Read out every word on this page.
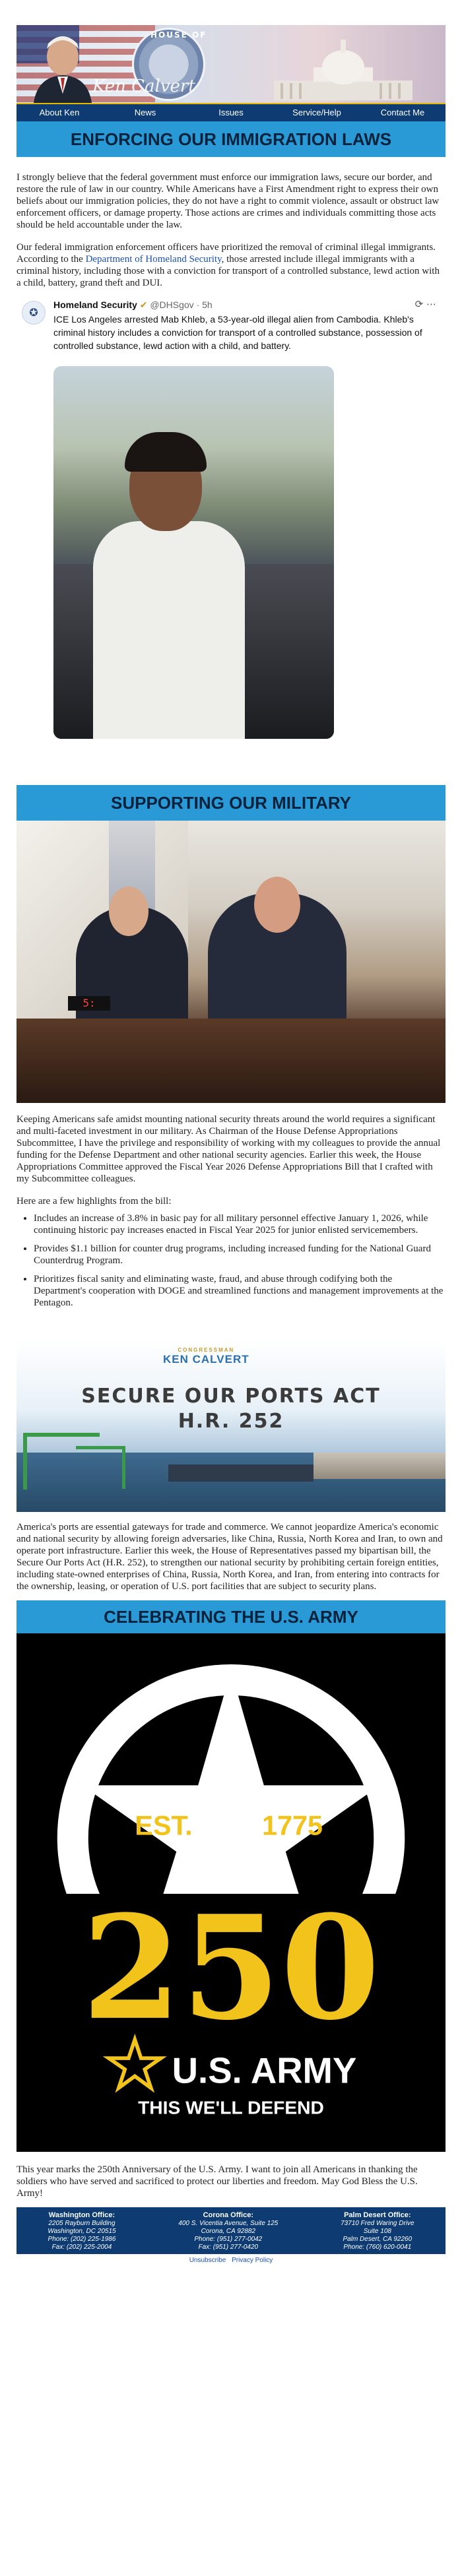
HOUSE OF
Ken Calvert
About Ken	News	Issues	Service/Help	Contact Me
ENFORCING OUR IMMIGRATION LAWS

I strongly believe that the federal government must enforce our immigration laws, secure our border, and restore the rule of law in our country. While Americans have a First Amendment right to express their own beliefs about our immigration policies, they do not have a right to commit violence, assault or obstruct law enforcement officers, or damage property. Those actions are crimes and individuals committing those acts should be held accountable under the law.

Our federal immigration enforcement officers have prioritized the removal of criminal illegal immigrants. According to the Department of Homeland Security, those arrested include illegal immigrants with a criminal history, including those with a conviction for transport of a controlled substance, lewd action with a child, battery, grand theft and DUI.

✪
Homeland Security ✔ @DHSgov · 5h	⟳ ⋯
ICE Los Angeles arrested Mab Khleb, a 53-year-old illegal alien from Cambodia. Khleb's criminal history includes a conviction for transport of a controlled substance, possession of controlled substance, lewd action with a child, and battery.
SUPPORTING OUR MILITARY
5:

Keeping Americans safe amidst mounting national security threats around the world requires a significant and multi-faceted investment in our military. As Chairman of the House Defense Appropriations Subcommittee, I have the privilege and responsibility of working with my colleagues to provide the annual funding for the Defense Department and other national security agencies. Earlier this week, the House Appropriations Committee approved the Fiscal Year 2026 Defense Appropriations Bill that I crafted with my Subcommittee colleagues.

Here are a few highlights from the bill:

• Includes an increase of 3.8% in basic pay for all military personnel effective January 1, 2026, while continuing historic pay increases enacted in Fiscal Year 2025 for junior enlisted servicemembers.
• Provides $1.1 billion for counter drug programs, including increased funding for the National Guard Counterdrug Program.
• Prioritizes fiscal sanity and eliminating waste, fraud, and abuse through codifying both the Department's cooperation with DOGE and streamlined functions and management improvements at the Pentagon.
CONGRESSMAN
KEN CALVERT
SECURE OUR PORTS ACT
H.R. 252

America's ports are essential gateways for trade and commerce. We cannot jeopardize America's economic and national security by allowing foreign adversaries, like China, Russia, North Korea and Iran, to own and operate port infrastructure. Earlier this week, the House of Representatives passed my bipartisan bill, the Secure Our Ports Act (H.R. 252), to strengthen our national security by prohibiting certain foreign entities, including state-owned enterprises of China, Russia, North Korea, and Iran, from entering into contracts for the ownership, leasing, or operation of U.S. port facilities that are subject to security plans.

CELEBRATING THE U.S. ARMY
EST. 1775
250
U.S. ARMY
THIS WE'LL DEFEND

This year marks the 250th Anniversary of the U.S. Army. I want to join all Americans in thanking the soldiers who have served and sacrificed to protect our liberties and freedom. May God Bless the U.S. Army!

Washington Office:
2205 Rayburn Building
Washington, DC 20515
Phone: (202) 225-1986
Fax: (202) 225-2004
Corona Office:
400 S. Vicentia Avenue, Suite 125
Corona, CA 92882
Phone: (951) 277-0042
Fax: (951) 277-0420
Palm Desert Office:
73710 Fred Waring Drive
Suite 108
Palm Desert, CA 92260
Phone: (760) 620-0041
Unsubscribe Privacy Policy
